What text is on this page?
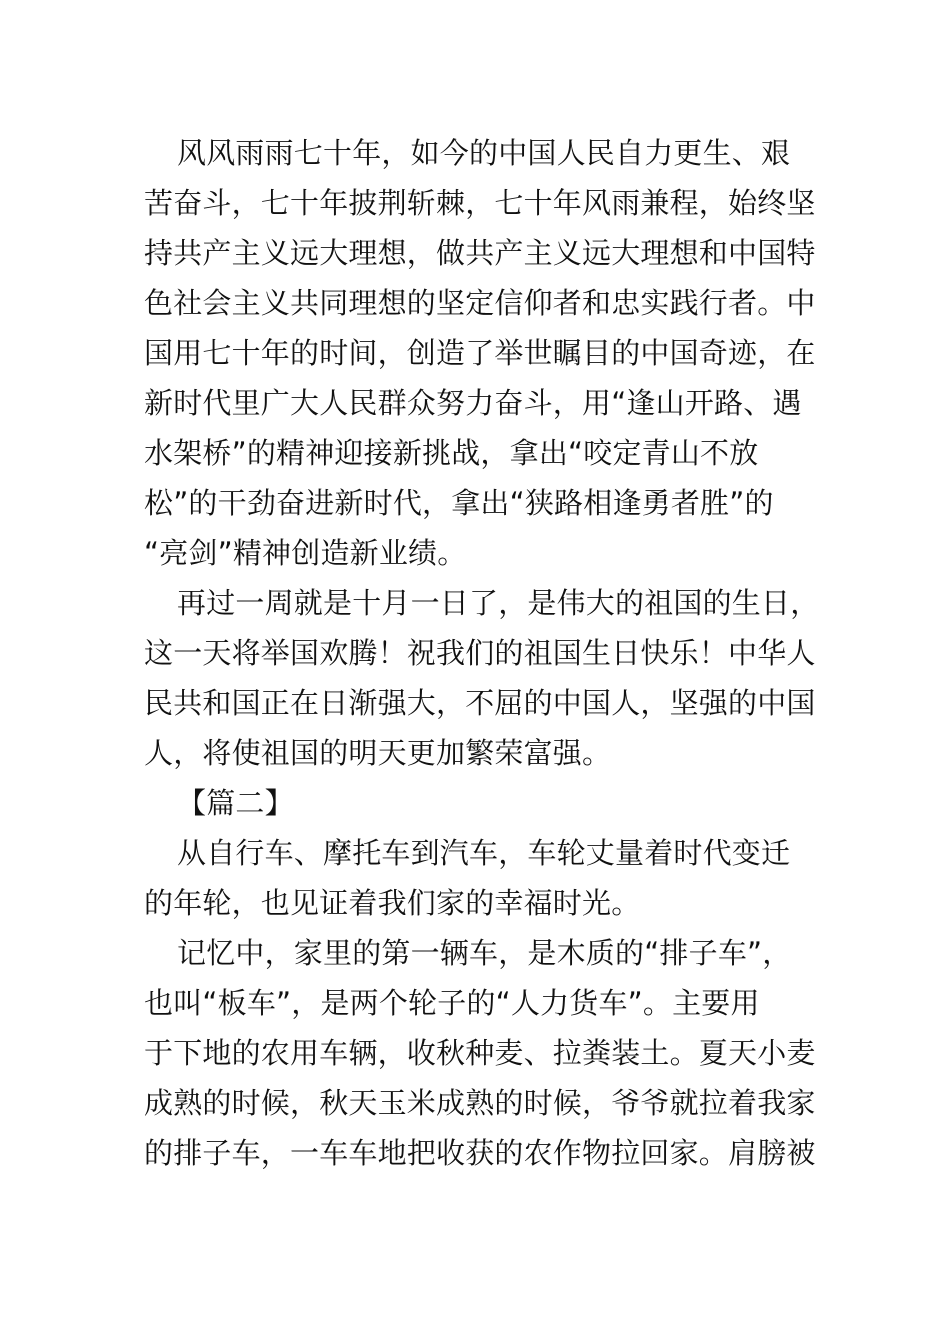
风风雨雨七十年，如今的中国人民自力更生、艰
苦奋斗，七十年披荆斩棘，七十年风雨兼程，始终坚
持共产主义远大理想，做共产主义远大理想和中国特
色社会主义共同理想的坚定信仰者和忠实践行者。中
国用七十年的时间，创造了举世瞩目的中国奇迹，在
新时代里广大人民群众努力奋斗，用“逢山开路、遇
水架桥”的精神迎接新挑战，拿出“咬定青山不放
松”的干劲奋进新时代，拿出“狭路相逢勇者胜”的
“亮剑”精神创造新业绩。

再过一周就是十月一日了，是伟大的祖国的生日，
这一天将举国欢腾！祝我们的祖国生日快乐！中华人
民共和国正在日渐强大，不屈的中国人，坚强的中国
人，将使祖国的明天更加繁荣富强。

【篇二】

从自行车、摩托车到汽车，车轮丈量着时代变迁
的年轮，也见证着我们家的幸福时光。

记忆中，家里的第一辆车，是木质的“排子车”，
也叫“板车”，是两个轮子的“人力货车”。主要用
于下地的农用车辆，收秋种麦、拉粪装土。夏天小麦
成熟的时候，秋天玉米成熟的时候，爷爷就拉着我家
的排子车，一车车地把收获的农作物拉回家。肩膀被
